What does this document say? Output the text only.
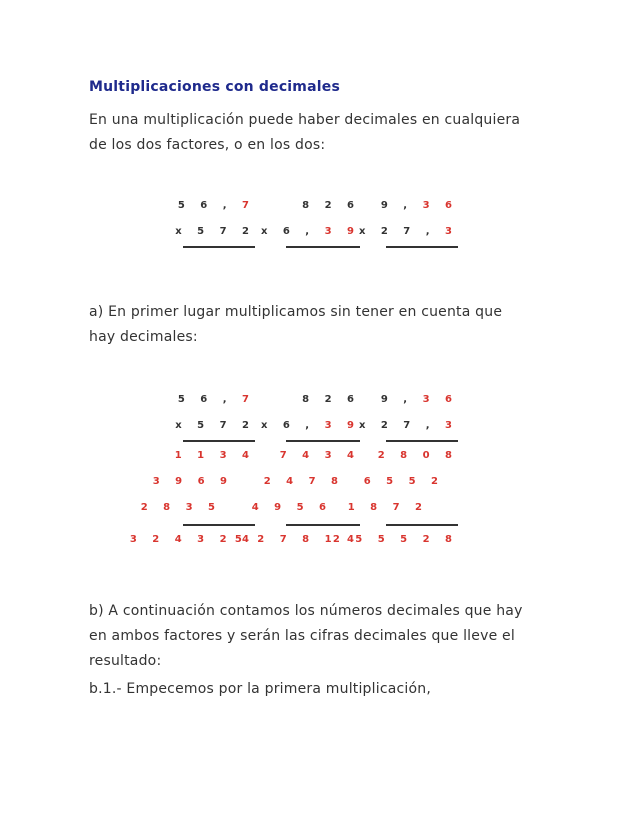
Multiplicaciones con decimales
En una multiplicación puede haber decimales en cualquiera
de los dos factores, o en los dos:
5 6 , 7
x 5 7 2
8 2 6
x 6 , 3 9
9 , 3 6
x 2 7 , 3
a) En primer lugar multiplicamos sin tener en cuenta que
hay decimales:
5 6 , 7
x 5 7 2
1 1 3 4
3 9 6 9
2 8 3 5
3 2 4 3 2 4
8 2 6
x 6 , 3 9
7 4 3 4
2 4 7 8
4 9 5 6
5 2 7 8 1 4
9 , 3 6
x 2 7 , 3
2 8 0 8
6 5 5 2
1 8 7 2
2 5 5 5 2 8
b) A continuación contamos los números decimales que hay
en ambos factores y serán las cifras decimales que lleve el
resultado:
b.1.- Empecemos por la primera multiplicación,
